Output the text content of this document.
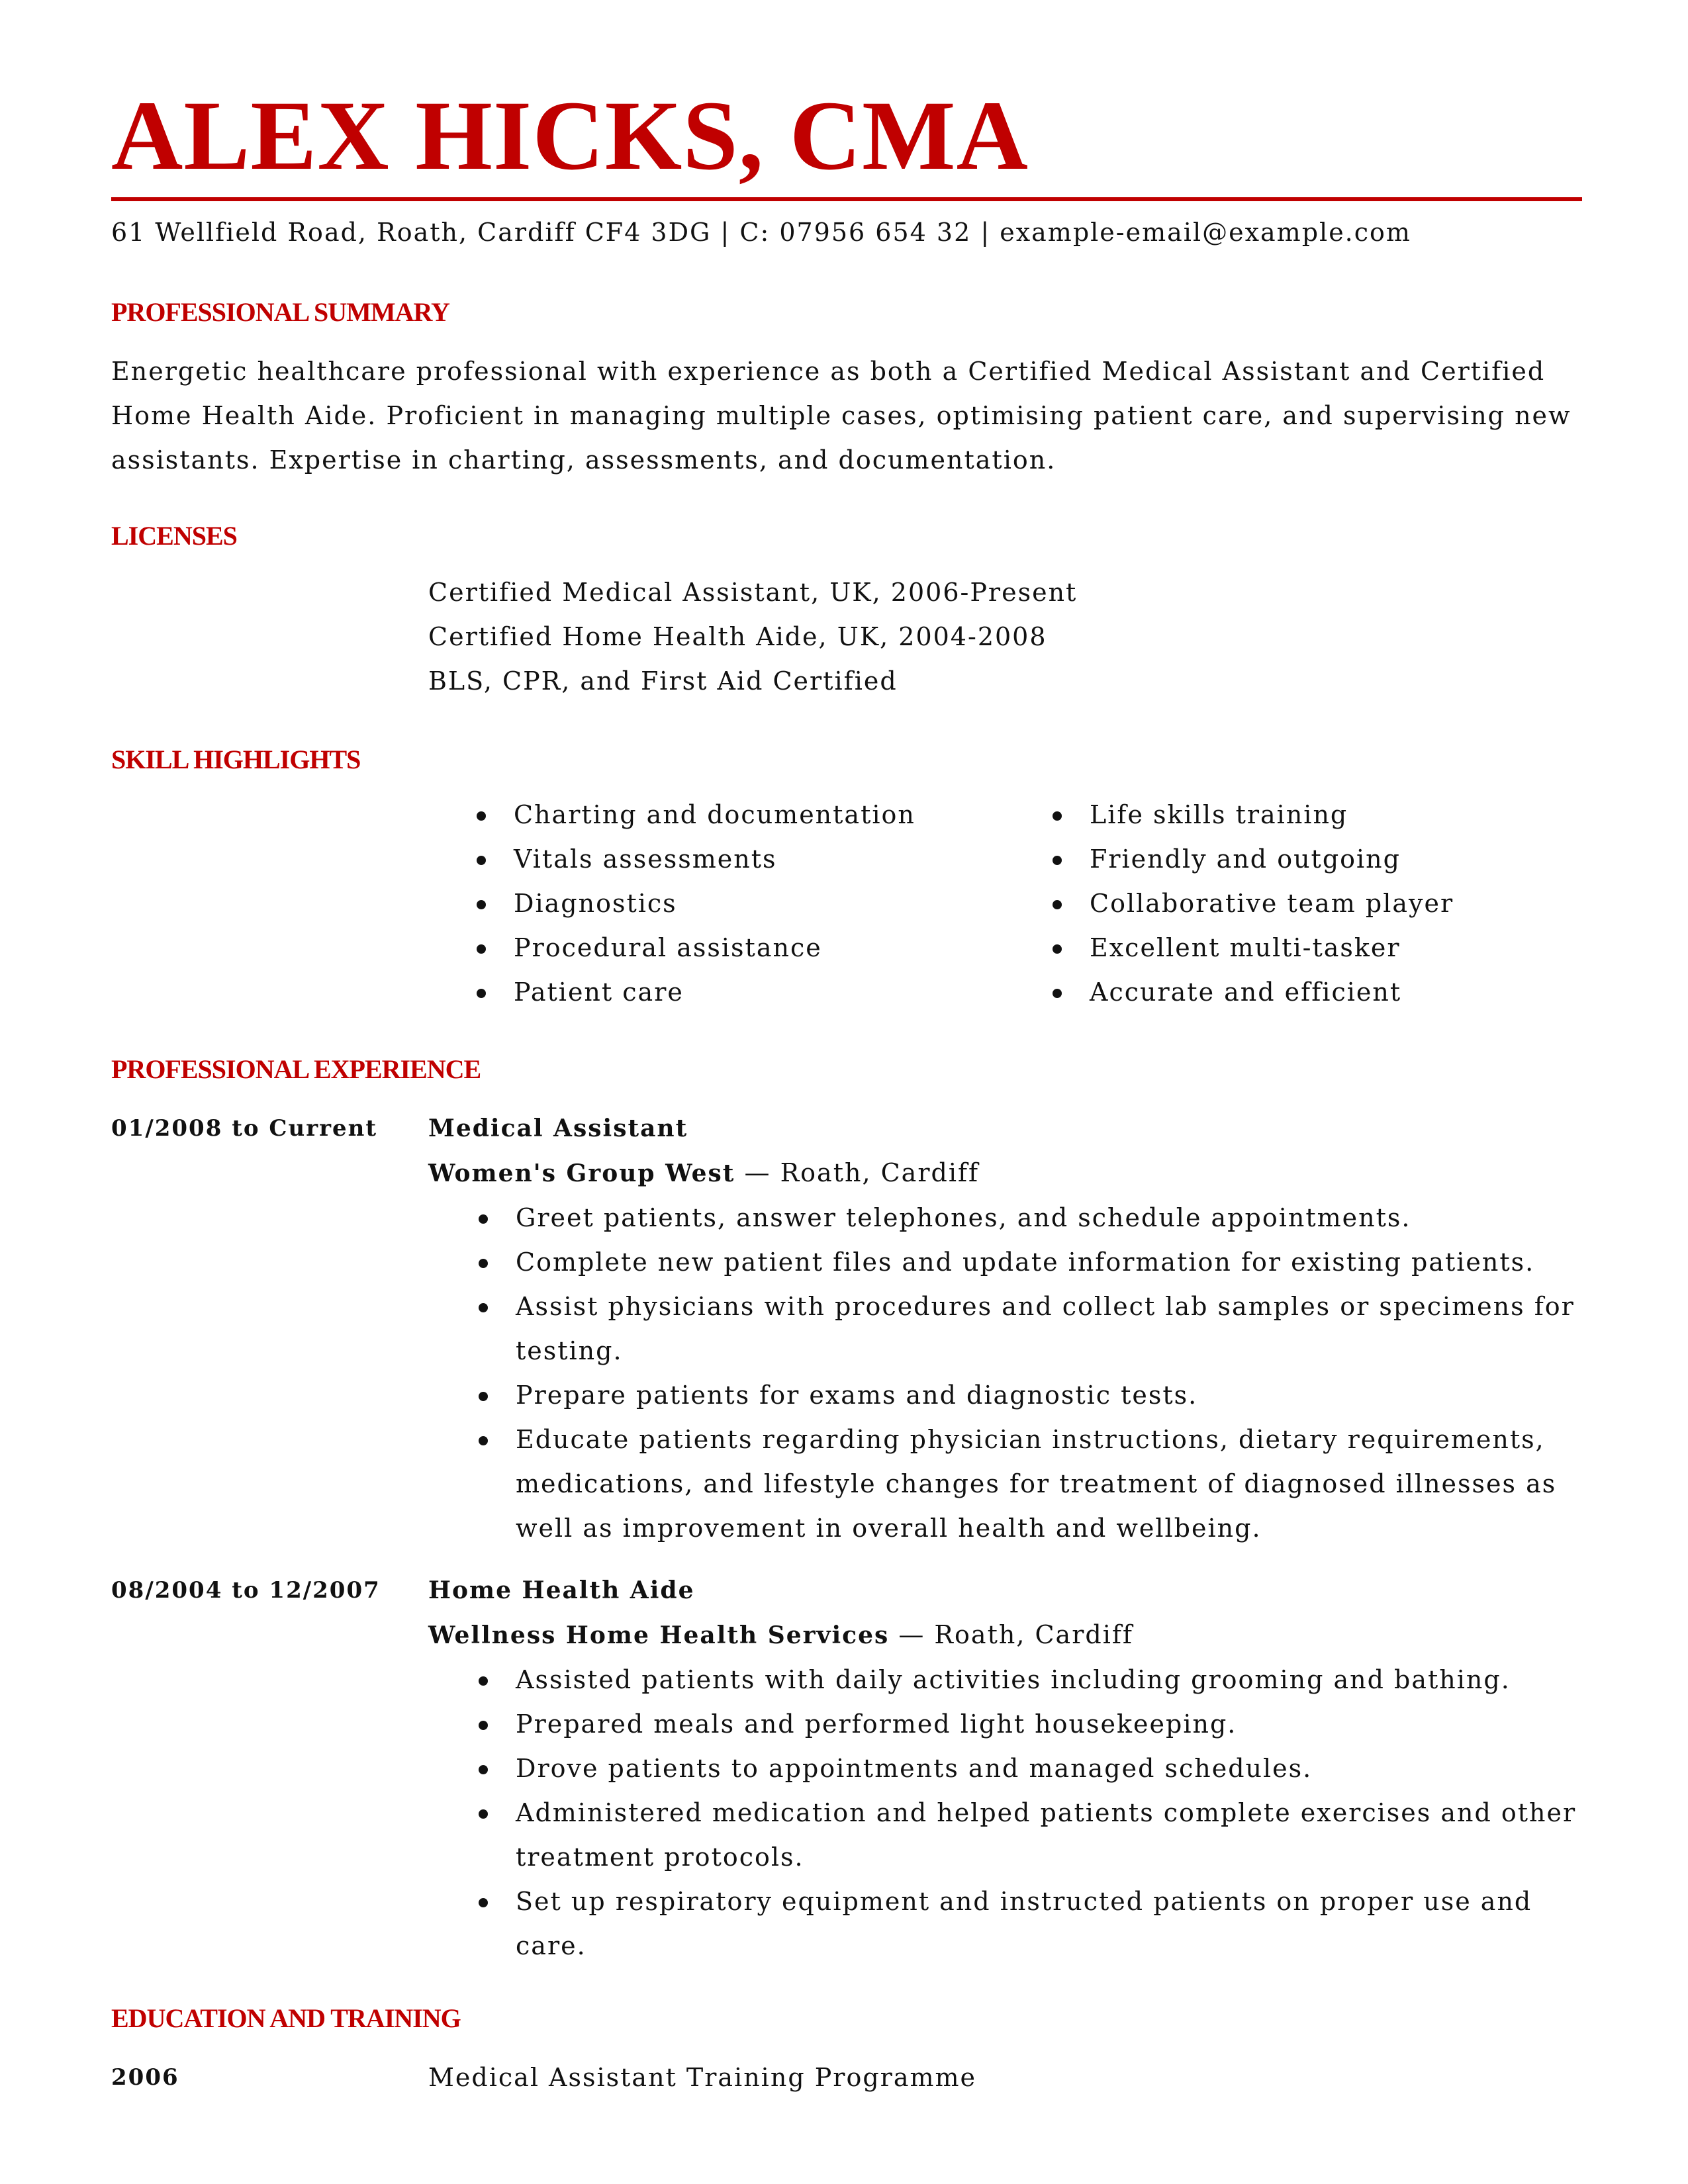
ALEX HICKS, CMA
61 Wellfield Road, Roath, Cardiff CF4 3DG | C: 07956 654 32 | example-email@example.com
PROFESSIONAL SUMMARY

Energetic healthcare professional with experience as both a Certified Medical Assistant and Certified

Home Health Aide. Proficient in managing multiple cases, optimising patient care, and supervising new

assistants. Expertise in charting, assessments, and documentation.

LICENSES
Certified Medical Assistant, UK, 2006-Present
Certified Home Health Aide, UK, 2004-2008
BLS, CPR, and First Aid Certified
SKILL HIGHLIGHTS
Charting and documentation
Vitals assessments
Diagnostics
Procedural assistance
Patient care
Life skills training
Friendly and outgoing
Collaborative team player
Excellent multi-tasker
Accurate and efficient
PROFESSIONAL EXPERIENCE
01/2008 to Current Medical Assistant
Women's Group West — Roath, Cardiff
Greet patients, answer telephones, and schedule appointments.
Complete new patient files and update information for existing patients.
Assist physicians with procedures and collect lab samples or specimens for testing.
Prepare patients for exams and diagnostic tests.
Educate patients regarding physician instructions, dietary requirements, medications, and lifestyle changes for treatment of diagnosed illnesses as well as improvement in overall health and wellbeing.
08/2004 to 12/2007 Home Health Aide
Wellness Home Health Services — Roath, Cardiff
Assisted patients with daily activities including grooming and bathing.
Prepared meals and performed light housekeeping.
Drove patients to appointments and managed schedules.
Administered medication and helped patients complete exercises and other treatment protocols.
Set up respiratory equipment and instructed patients on proper use and care.
EDUCATION AND TRAINING
2006	Medical Assistant Training Programme
